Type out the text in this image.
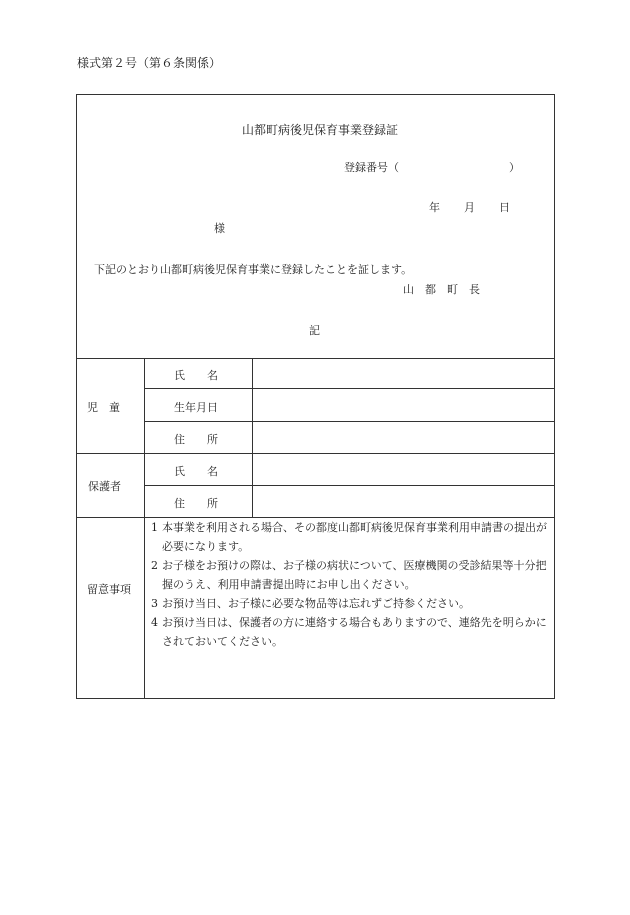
様式第２号（第６条関係）
山都町病後児保育事業登録証
登録番号（	）
年 月 日
様
下記のとおり山都町病後児保育事業に登録したことを証します。
山　都　町　長
記
児　童
氏　　名
生年月日
住　　所
保護者
氏　　名
住　　所
留意事項
1 本事業を利用される場合、その都度山都町病後児保育事業利用申請書の提出が必要になります。
2 お子様をお預けの際は、お子様の病状について、医療機関の受診結果等十分把握のうえ、利用申請書提出時にお申し出ください。
3 お預け当日、お子様に必要な物品等は忘れずご持参ください。
4 お預け当日は、保護者の方に連絡する場合もありますので、連絡先を明らかにされておいてください。
